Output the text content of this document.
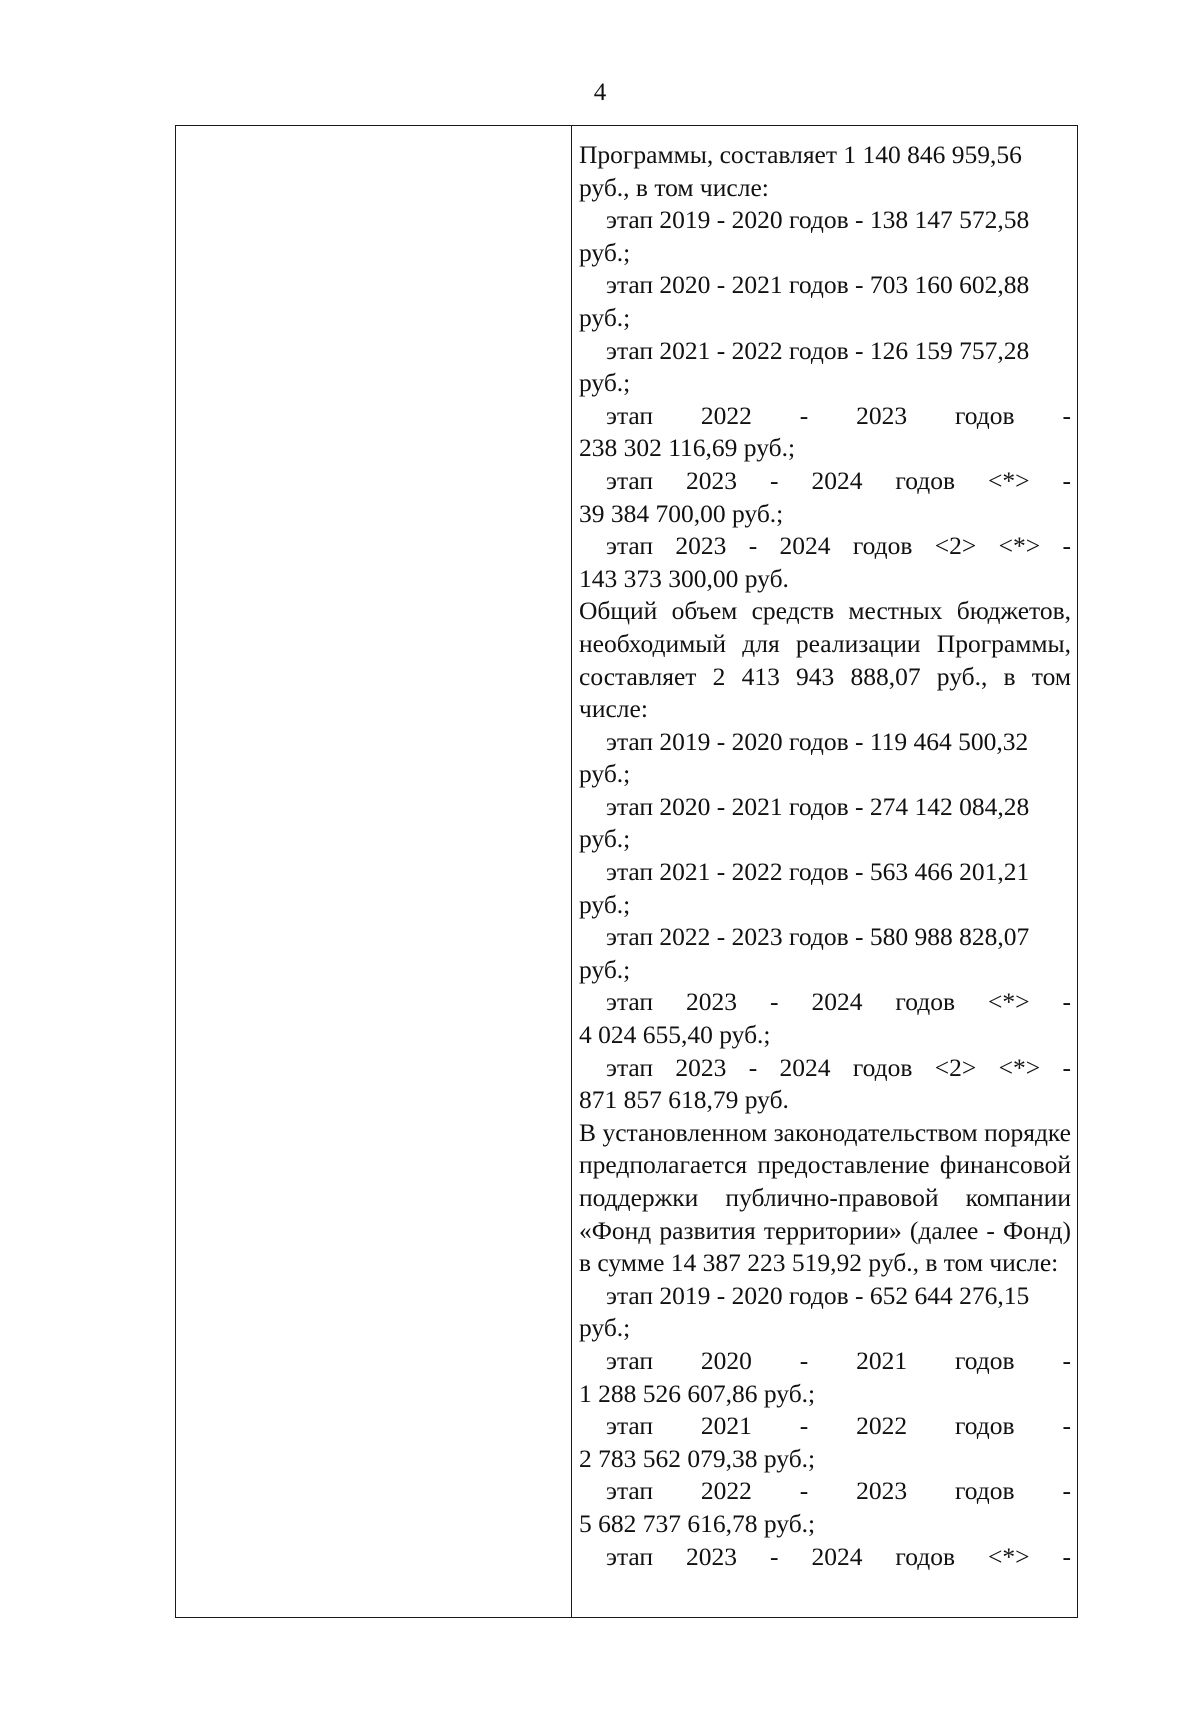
4
Программы, составляет 1 140 846 959,56
руб., в том числе:
этап 2019 - 2020 годов - 138 147 572,58
руб.;
этап 2020 - 2021 годов - 703 160 602,88
руб.;
этап 2021 - 2022 годов - 126 159 757,28
руб.;
этап 2022 - 2023 годов -
238 302 116,69 руб.;
этап 2023 - 2024 годов <*> -
39 384 700,00 руб.;
этап 2023 - 2024 годов <2> <*> -
143 373 300,00 руб.
Общий объем средств местных бюджетов, необходимый для реализации Программы, составляет 2 413 943 888,07 руб., в том числе:
этап 2019 - 2020 годов - 119 464 500,32
руб.;
этап 2020 - 2021 годов - 274 142 084,28
руб.;
этап 2021 - 2022 годов - 563 466 201,21
руб.;
этап 2022 - 2023 годов - 580 988 828,07
руб.;
этап 2023 - 2024 годов <*> -
4 024 655,40 руб.;
этап 2023 - 2024 годов <2> <*> -
871 857 618,79 руб.
В установленном законодательством порядке предполагается предоставление финансовой поддержки публично-правовой компании «Фонд развития территории» (далее - Фонд) в сумме 14 387 223 519,92 руб., в том числе:
этап 2019 - 2020 годов - 652 644 276,15
руб.;
этап 2020 - 2021 годов -
1 288 526 607,86 руб.;
этап 2021 - 2022 годов -
2 783 562 079,38 руб.;
этап 2022 - 2023 годов -
5 682 737 616,78 руб.;
этап 2023 - 2024 годов <*> -
